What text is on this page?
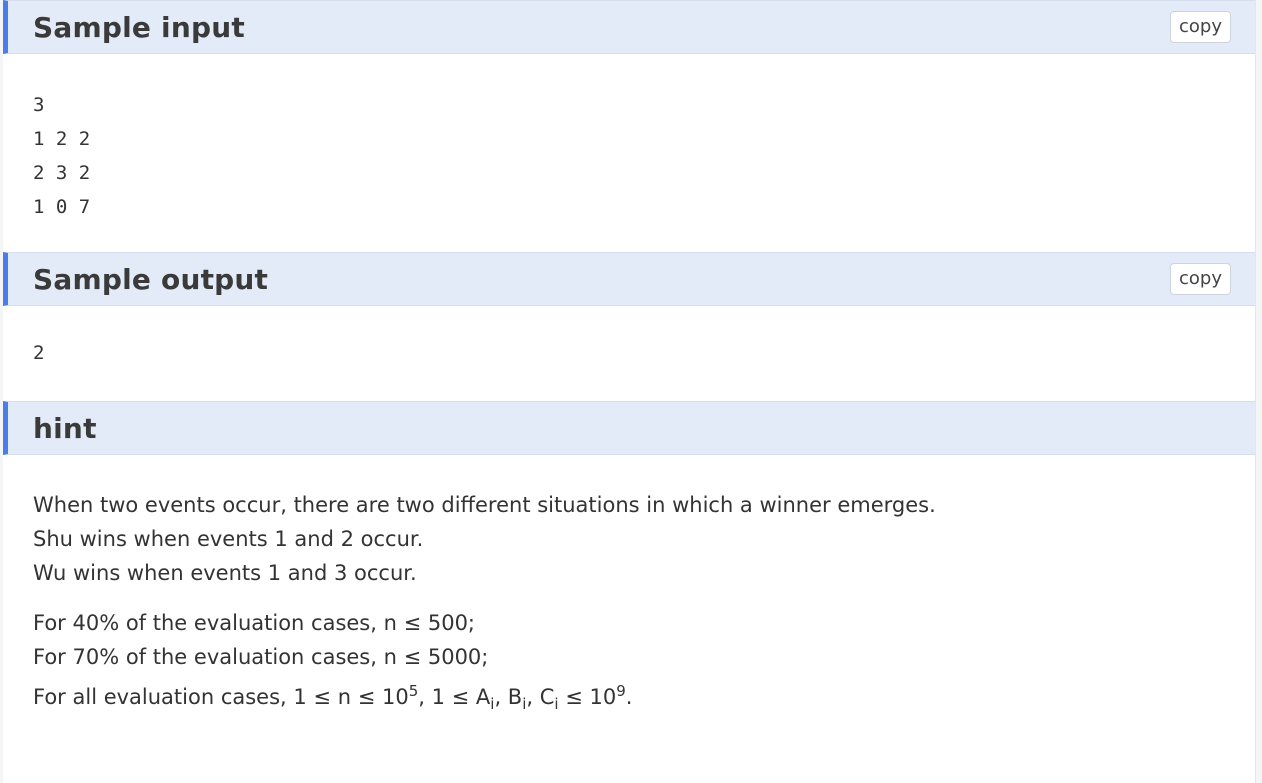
Sample input	copy
3
1 2 2
2 3 2
1 0 7
Sample output	copy
2
hint
When two events occur, there are two different situations in which a winner emerges.
Shu wins when events 1 and 2 occur.
Wu wins when events 1 and 3 occur.
For 40% of the evaluation cases, n ≤ 500;
For 70% of the evaluation cases, n ≤ 5000;
For all evaluation cases, $1 \le n \le 10^5$, $1 \le A_i$, $B_i$, $C_i \le 10^9$.
